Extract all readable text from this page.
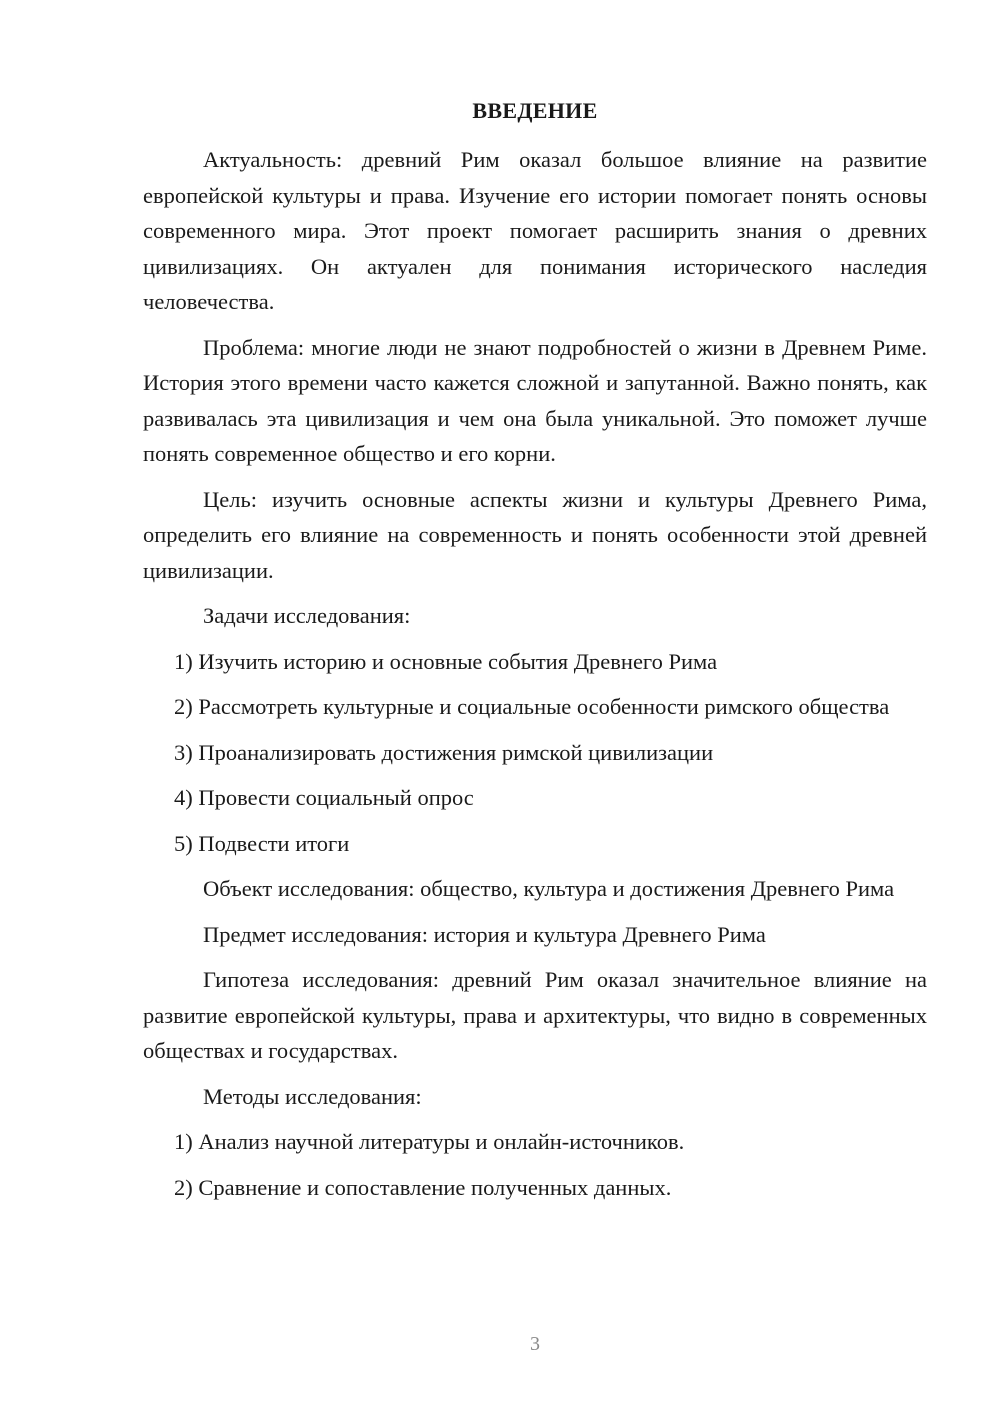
ВВЕДЕНИЕ

Актуальность: древний Рим оказал большое влияние на развитие европейской культуры и права. Изучение его истории помогает понять основы современного мира. Этот проект помогает расширить знания о древних цивилизациях. Он актуален для понимания исторического наследия человечества.

Проблема: многие люди не знают подробностей о жизни в Древнем Риме. История этого времени часто кажется сложной и запутанной. Важно понять, как развивалась эта цивилизация и чем она была уникальной. Это поможет лучше понять современное общество и его корни.

Цель: изучить основные аспекты жизни и культуры Древнего Рима, определить его влияние на современность и понять особенности этой древней цивилизации.

Задачи исследования:

1) Изучить историю и основные события Древнего Рима

2) Рассмотреть культурные и социальные особенности римского общества

3) Проанализировать достижения римской цивилизации

4) Провести социальный опрос

5) Подвести итоги

Объект исследования: общество, культура и достижения Древнего Рима

Предмет исследования: история и культура Древнего Рима

Гипотеза исследования: древний Рим оказал значительное влияние на развитие европейской культуры, права и архитектуры, что видно в современных обществах и государствах.

Методы исследования:

1) Анализ научной литературы и онлайн-источников.

2) Сравнение и сопоставление полученных данных.

3
